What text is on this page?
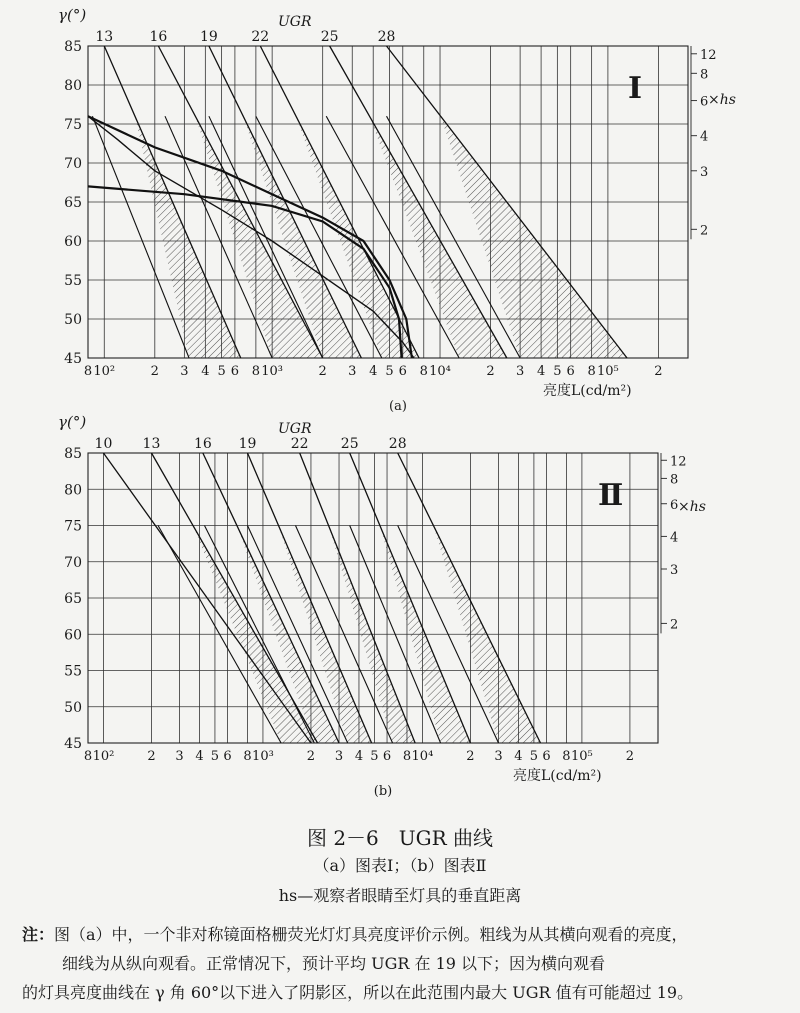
45
50
55
60
65
70
75
80
85
8 10²	2 3 4 5 6 8 10³	2 3 4 5 6 8 10⁴	2 3 4 5 6 8 10⁵	2
13	16 19 22	25	28
γ(°)	UGR
亮度L(cd/m²)
(a)
Ⅰ
12
8
6
4
3
2
×hs
45
50
55
60
65
70
75
80
85
8 10²	2 3 4 5 6 8 10³	2 3 4 5 6 8 10⁴	2 3 4 5 6 8 10⁵	2
10 13 16 19 22 25 28
γ(°)	UGR
亮度L(cd/m²)
(b)
Ⅱ
12
8
6
4
3
2
×hs
图 2－6　UGR 曲线
（a）图表Ⅰ；（b）图表Ⅱ
hs—观察者眼睛至灯具的垂直距离
注：图（a）中，一个非对称镜面格栅荧光灯灯具亮度评价示例。粗线为从其横向观看的亮度，
细线为从纵向观看。正常情况下，预计平均 UGR 在 19 以下；因为横向观看
的灯具亮度曲线在 γ 角 60°以下进入了阴影区，所以在此范围内最大 UGR 值有可能超过 19。
